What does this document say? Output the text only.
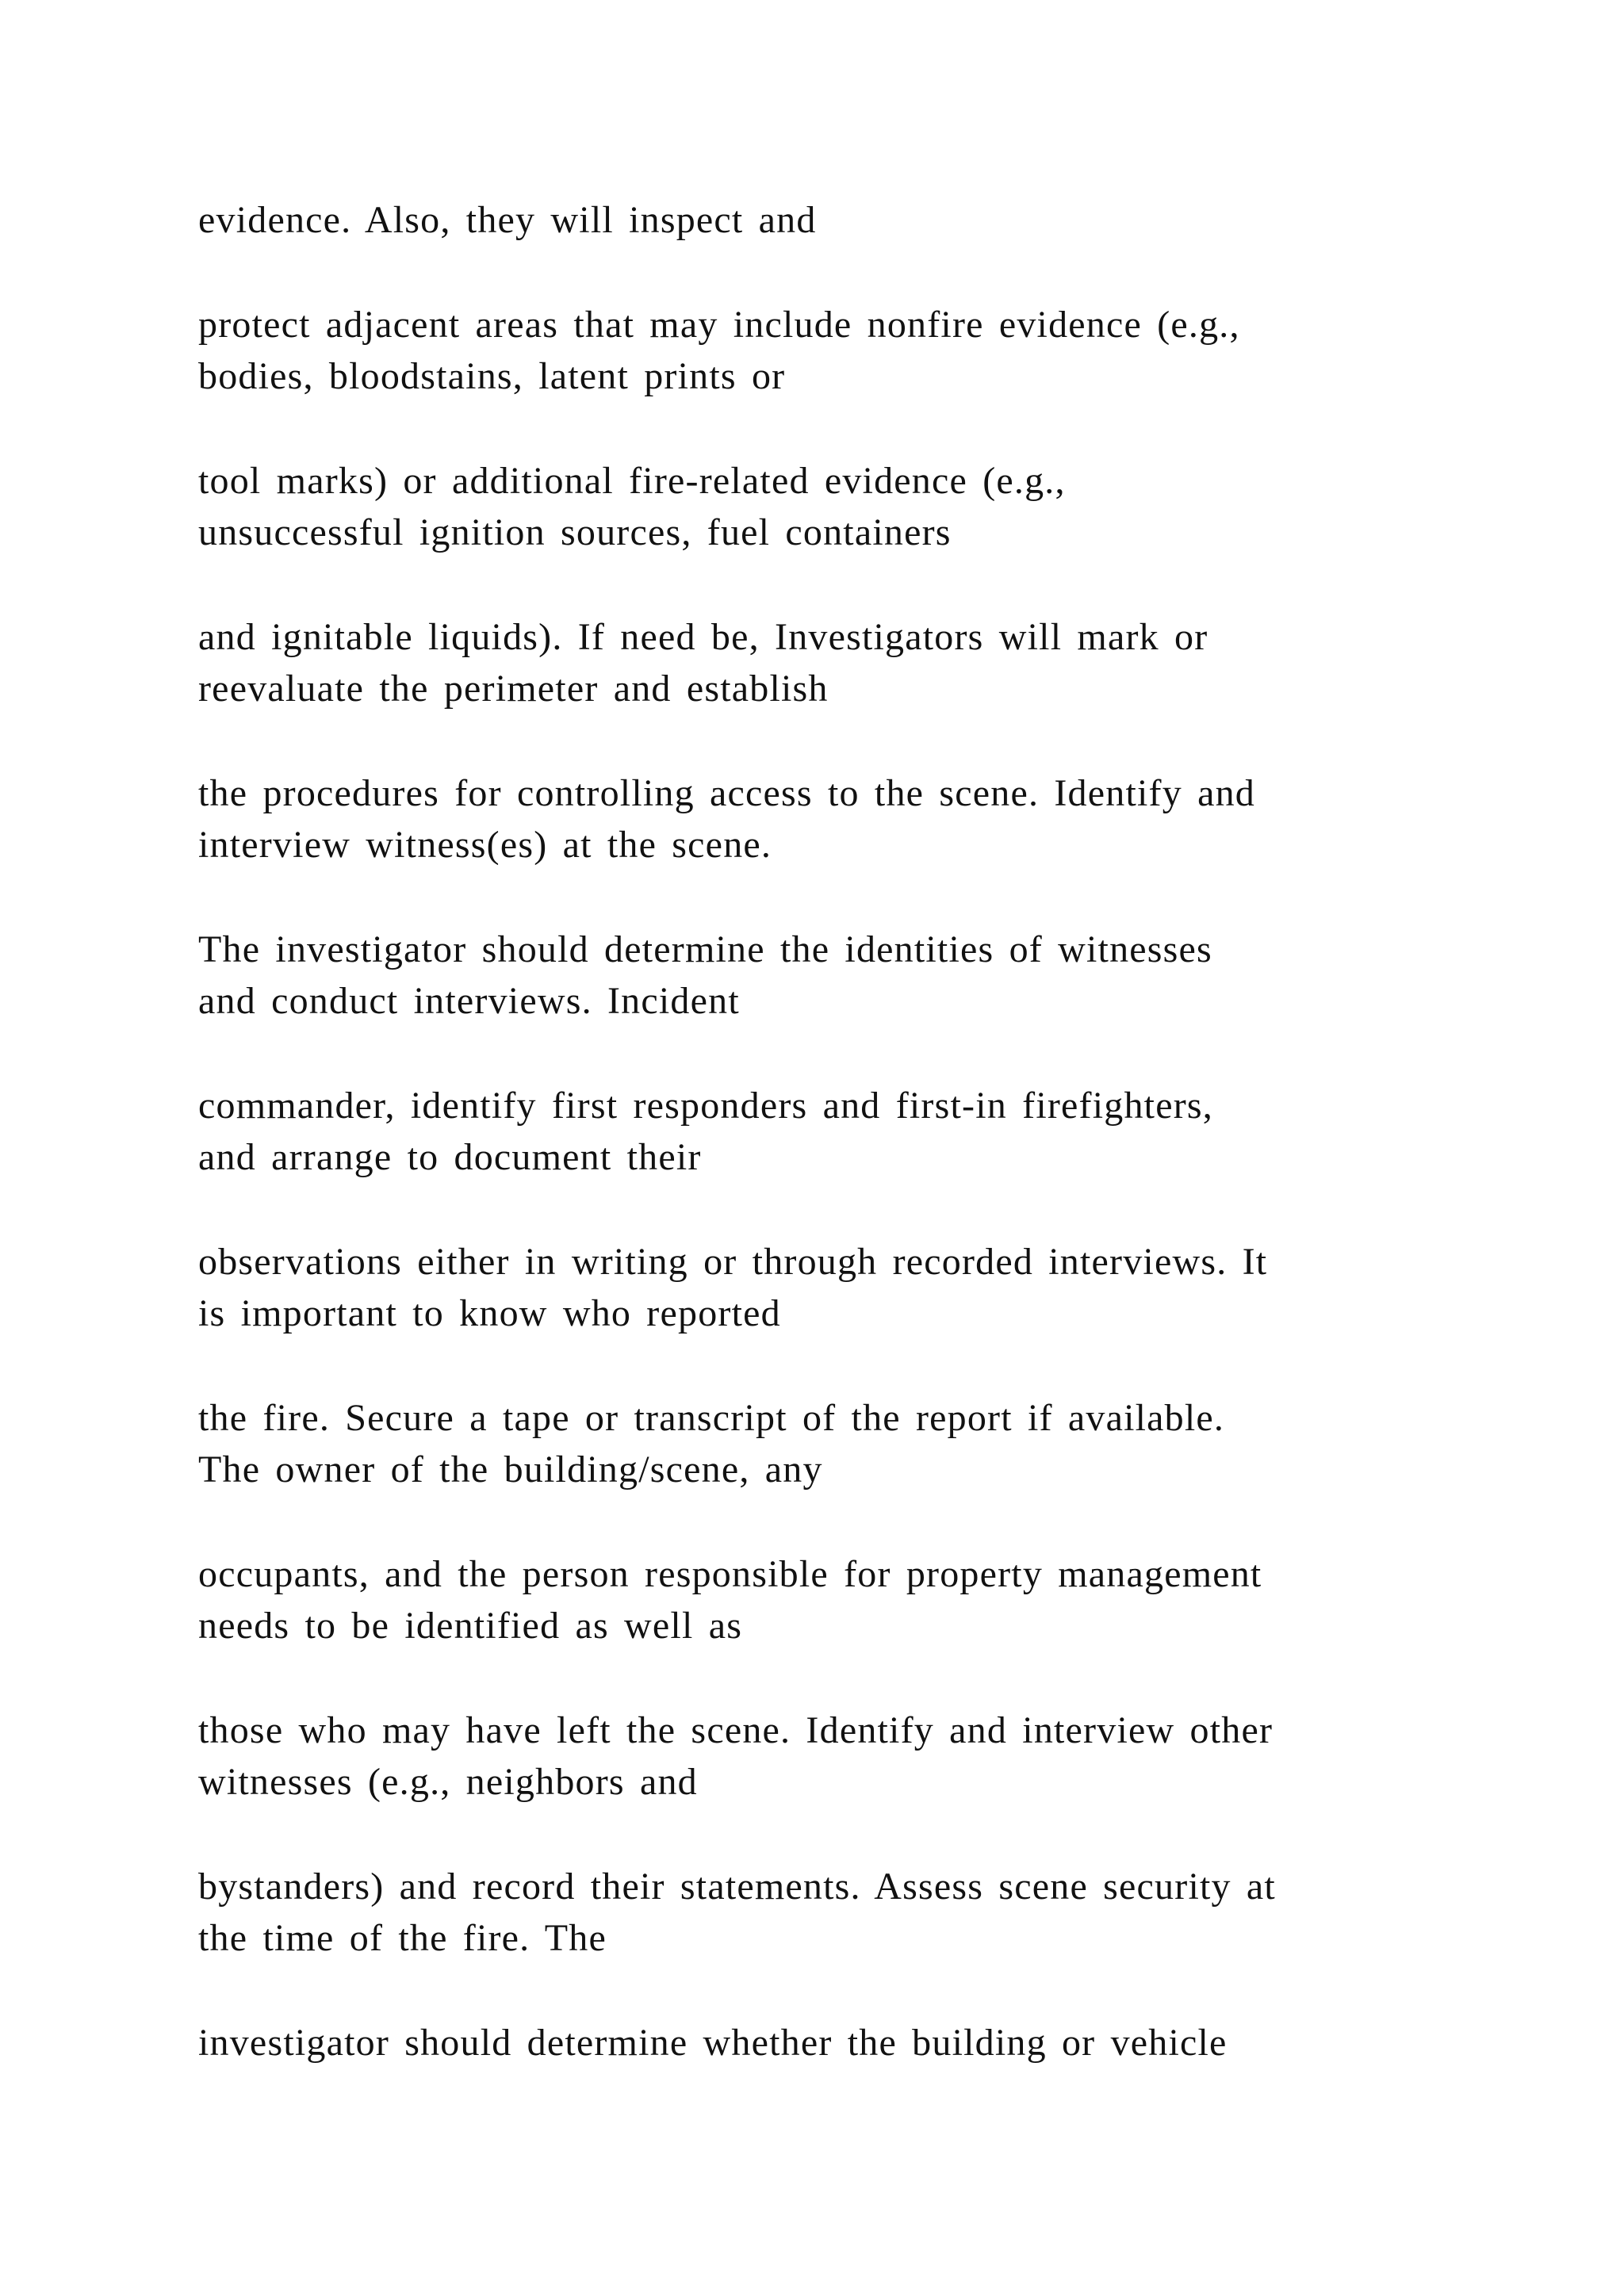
evidence. Also, they will inspect and

protect adjacent areas that may include nonfire evidence (e.g.,
bodies, bloodstains, latent prints or

tool marks) or additional fire-related evidence (e.g.,
unsuccessful ignition sources, fuel containers

and ignitable liquids). If need be, Investigators will mark or
reevaluate the perimeter and establish

the procedures for controlling access to the scene. Identify and
interview witness(es) at the scene.

The investigator should determine the identities of witnesses
and conduct interviews. Incident

commander, identify first responders and first-in firefighters,
and arrange to document their

observations either in writing or through recorded interviews. It
is important to know who reported

the fire. Secure a tape or transcript of the report if available.
The owner of the building/scene, any

occupants, and the person responsible for property management
needs to be identified as well as

those who may have left the scene. Identify and interview other
witnesses (e.g., neighbors and

bystanders) and record their statements. Assess scene security at
the time of the fire. The

investigator should determine whether the building or vehicle
